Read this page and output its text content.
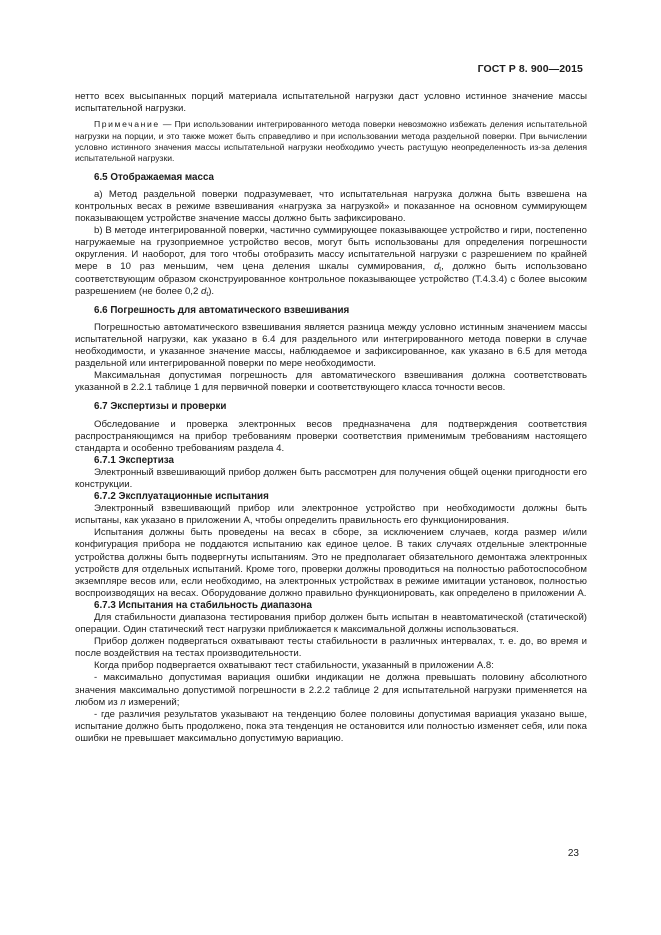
ГОСТ Р 8. 900—2015

нетто всех высыпанных порций материала испытательной нагрузки даст условно истинное значение массы испытательной нагрузки.

Примечание — При использовании интегрированного метода поверки невозможно избежать деления испытательной нагрузки на порции, и это также может быть справедливо и при использовании метода раздельной поверки. При вычислении условно истинного значения массы испытательной нагрузки необходимо учесть растущую неопределенность из-за деления испытательной нагрузки.

6.5 Отображаемая масса

а) Метод раздельной поверки подразумевает, что испытательная нагрузка должна быть взвешена на контрольных весах в режиме взвешивания «нагрузка за нагрузкой» и показанное на основном суммирующем показывающем устройстве значение массы должно быть зафиксировано.

b) В методе интегрированной поверки, частично суммирующее показывающее устройство и гири, постепенно нагружаемые на грузоприемное устройство весов, могут быть использованы для определения погрешности округления. И наоборот, для того чтобы отобразить массу испытательной нагрузки с разрешением по крайней мере в 10 раз меньшим, чем цена деления шкалы суммирования, $d_t$, должно быть использовано соответствующим образом сконструированное контрольное показывающее устройство (Т.4.3.4) с более высоким разрешением (не более 0,2 $d_t$).

6.6 Погрешность для автоматического взвешивания

Погрешностью автоматического взвешивания является разница между условно истинным значением массы испытательной нагрузки, как указано в 6.4 для раздельного или интегрированного метода поверки в случае необходимости, и указанное значение массы, наблюдаемое и зафиксированное, как указано в 6.5 для метода раздельной или интегрированной поверки по мере необходимости.

Максимальная допустимая погрешность для автоматического взвешивания должна соответствовать указанной в 2.2.1 таблице 1 для первичной поверки и соответствующего класса точности весов.

6.7 Экспертизы и проверки

Обследование и проверка электронных весов предназначена для подтверждения соответствия распространяющимся на прибор требованиям проверки соответствия применимым требованиям настоящего стандарта и особенно требованиям раздела 4.

6.7.1 Экспертиза

Электронный взвешивающий прибор должен быть рассмотрен для получения общей оценки пригодности его конструкции.

6.7.2 Эксплуатационные испытания

Электронный взвешивающий прибор или электронное устройство при необходимости должны быть испытаны, как указано в приложении А, чтобы определить правильность его функционирования.

Испытания должны быть проведены на весах в сборе, за исключением случаев, когда размер и/или конфигурация прибора не поддаются испытанию как единое целое. В таких случаях отдельные электронные устройства должны быть подвергнуты испытаниям. Это не предполагает обязательного демонтажа электронных устройств для отдельных испытаний. Кроме того, проверки должны проводиться на полностью работоспособном экземпляре весов или, если необходимо, на электронных устройствах в режиме имитации установок, полностью воспроизводящих на весах. Оборудование должно правильно функционировать, как определено в приложении А.

6.7.3 Испытания на стабильность диапазона

Для стабильности диапазона тестирования прибор должен быть испытан в неавтоматической (статической) операции. Один статический тест нагрузки приближается к максимальной должны использоваться.

Прибор должен подвергаться охватывают тесты стабильности в различных интервалах, т. е. до, во время и после воздействия на тестах производительности.

Когда прибор подвергается охватывают тест стабильности, указанный в приложении А.8:

- максимально допустимая вариация ошибки индикации не должна превышать половину абсолютного значения максимально допустимой погрешности в 2.2.2 таблице 2 для испытательной нагрузки применяется на любом из n измерений;

- где различия результатов указывают на тенденцию более половины допустимая вариация указано выше, испытание должно быть продолжено, пока эта тенденция не остановится или полностью изменяет себя, или пока ошибки не превышает максимально допустимую вариацию.

23
